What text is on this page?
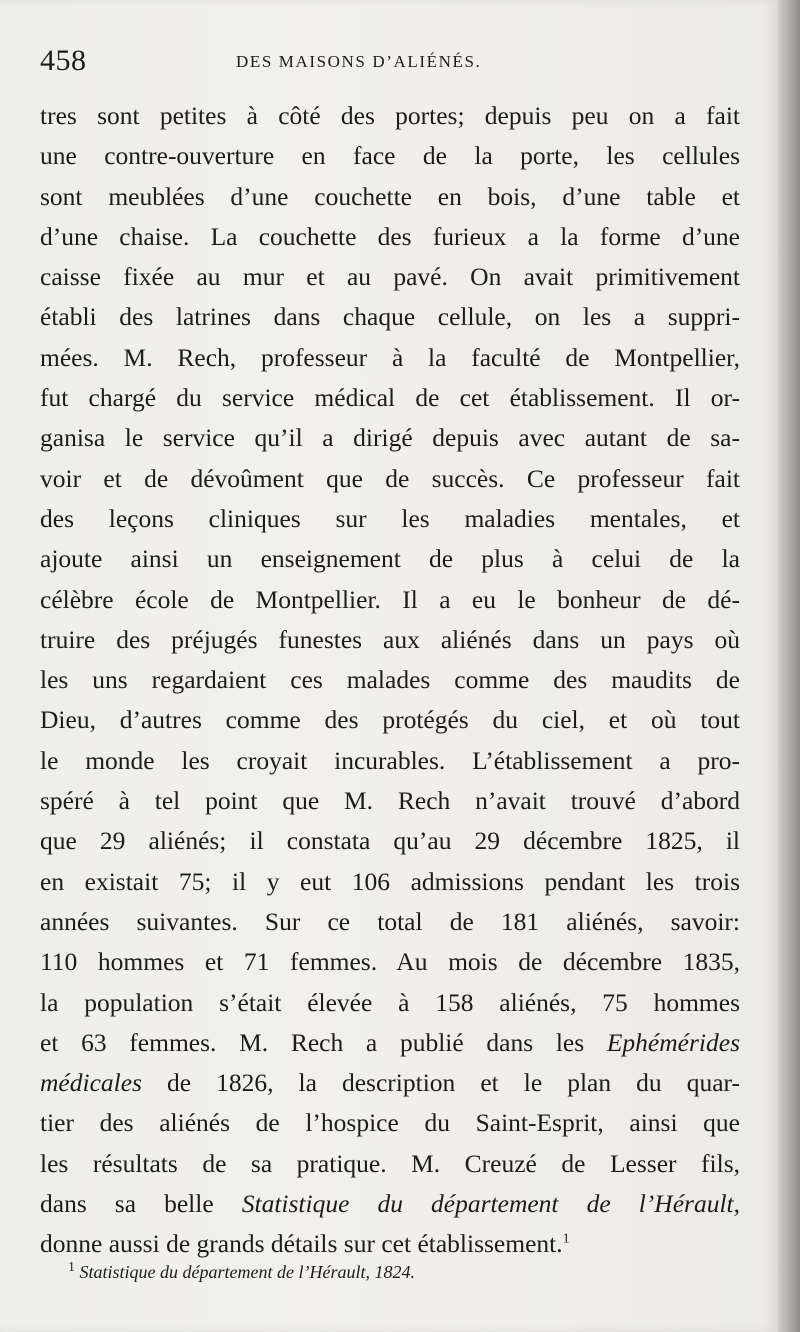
458	DES MAISONS D’ALIÉNÉS.
tres sont petites à côté des portes; depuis peu on a fait
une contre-ouverture en face de la porte, les cellules
sont meublées d’une couchette en bois, d’une table et
d’une chaise. La couchette des furieux a la forme d’une
caisse fixée au mur et au pavé. On avait primitivement
établi des latrines dans chaque cellule, on les a suppri-
mées. M. Rech, professeur à la faculté de Montpellier,
fut chargé du service médical de cet établissement. Il or-
ganisa le service qu’il a dirigé depuis avec autant de sa-
voir et de dévoûment que de succès. Ce professeur fait
des leçons cliniques sur les maladies mentales, et
ajoute ainsi un enseignement de plus à celui de la
célèbre école de Montpellier. Il a eu le bonheur de dé-
truire des préjugés funestes aux aliénés dans un pays où
les uns regardaient ces malades comme des maudits de
Dieu, d’autres comme des protégés du ciel, et où tout
le monde les croyait incurables. L’établissement a pro-
spéré à tel point que M. Rech n’avait trouvé d’abord
que 29 aliénés; il constata qu’au 29 décembre 1825, il
en existait 75; il y eut 106 admissions pendant les trois
années suivantes. Sur ce total de 181 aliénés, savoir:
110 hommes et 71 femmes. Au mois de décembre 1835,
la population s’était élevée à 158 aliénés, 75 hommes
et 63 femmes. M. Rech a publié dans les Ephémérides
médicales de 1826, la description et le plan du quar-
tier des aliénés de l’hospice du Saint-Esprit, ainsi que
les résultats de sa pratique. M. Creuzé de Lesser fils,
dans sa belle Statistique du département de l’Hérault,
donne aussi de grands détails sur cet établissement.$^1$
$^1$ Statistique du département de l’Hérault, 1824.
